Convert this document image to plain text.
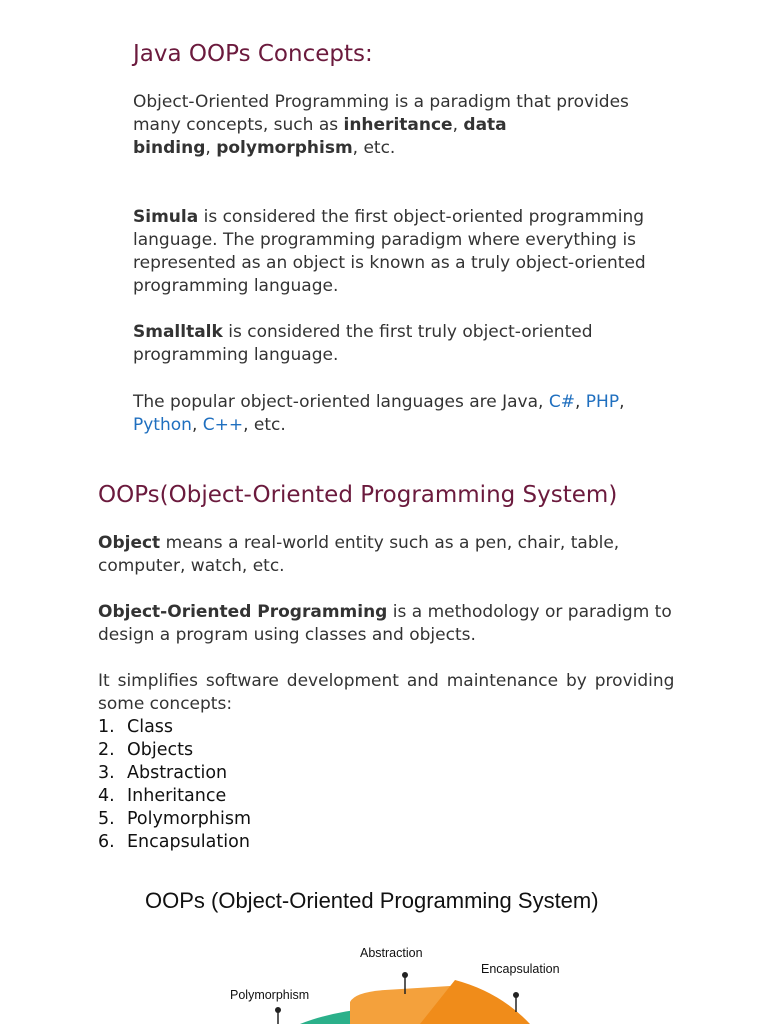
Java OOPs Concepts:
Object-Oriented Programming is a paradigm that provides
many concepts, such as inheritance, data
binding, polymorphism, etc.
Simula is considered the first object-oriented programming
language. The programming paradigm where everything is
represented as an object is known as a truly object-oriented
programming language.
Smalltalk is considered the first truly object-oriented
programming language.
The popular object-oriented languages are Java, C#, PHP,
Python, C++, etc.
OOPs(Object-Oriented Programming System)
Object means a real-world entity such as a pen, chair, table,
computer, watch, etc.
Object-Oriented Programming is a methodology or paradigm to
design a program using classes and objects.
It simplifies software development and maintenance by providing
some concepts:
1. Class
2. Objects
3. Abstraction
4. Inheritance
5. Polymorphism
6. Encapsulation
OOPs (Object-Oriented Programming System)
Abstraction
Encapsulation
Polymorphism
